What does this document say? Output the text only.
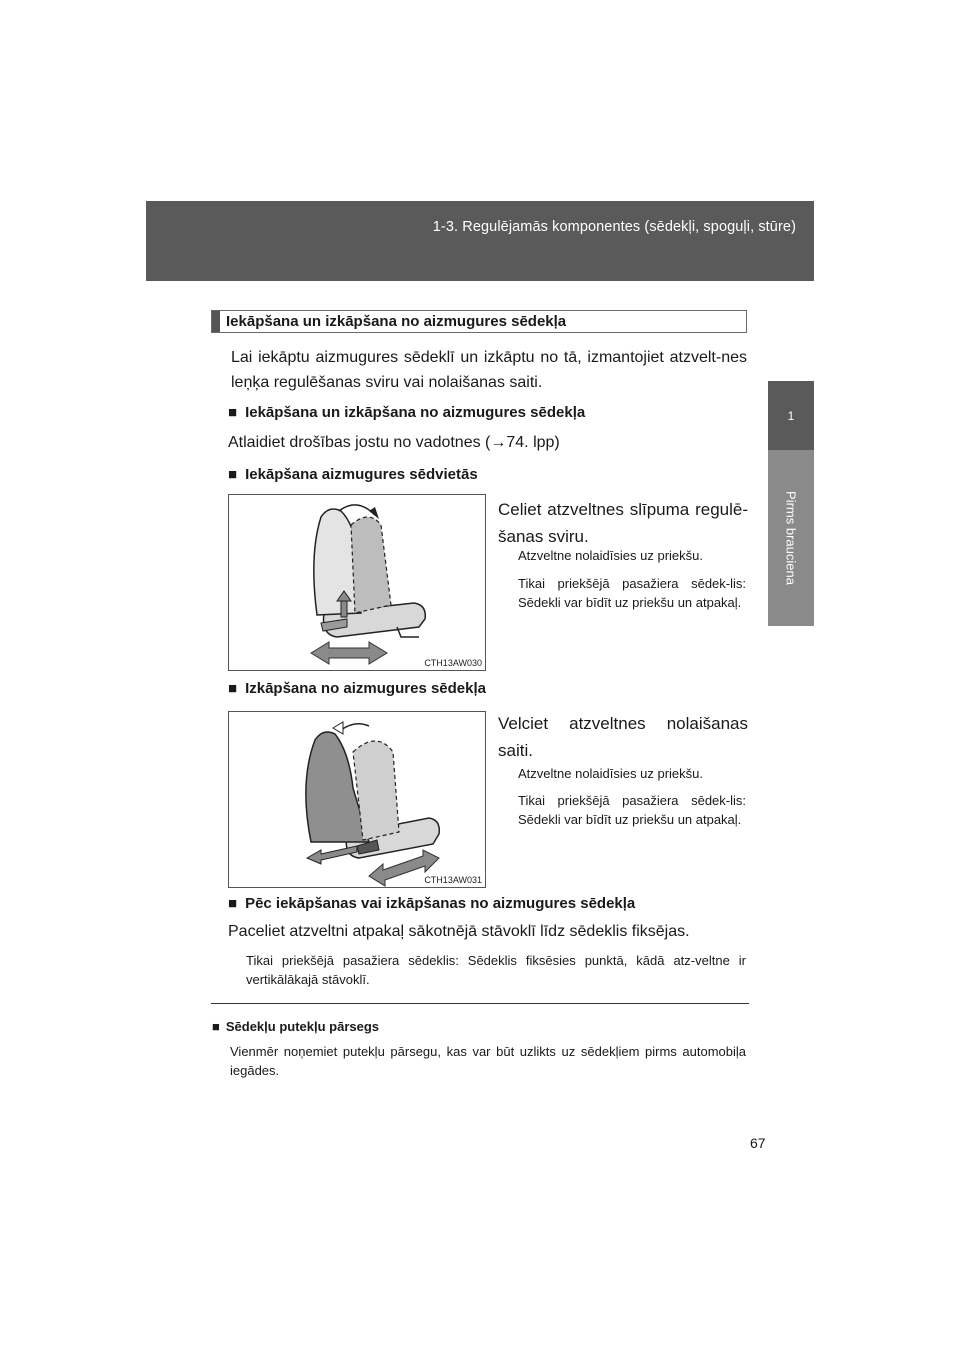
1-3. Regulējamās komponentes (sēdekļi, spoguļi, stūre)
1
Pirms brauciena
Iekāpšana un izkāpšana no aizmugures sēdekļa

Lai iekāptu aizmugures sēdeklī un izkāptu no tā, izmantojiet atzvelt-nes leņķa regulēšanas sviru vai nolaišanas saiti.

■ Iekāpšana un izkāpšana no aizmugures sēdekļa

Atlaidiet drošības jostu no vadotnes (→74. lpp)

■ Iekāpšana aizmugures sēdvietās
CTH13AW030

Celiet atzveltnes slīpuma regulē-šanas sviru.

Atzveltne nolaidīsies uz priekšu.

Tikai priekšējā pasažiera sēdek-lis: Sēdekli var bīdīt uz priekšu un atpakaļ.

■ Izkāpšana no aizmugures sēdekļa
CTH13AW031

Velciet atzveltnes nolaišanas saiti.

Atzveltne nolaidīsies uz priekšu.

Tikai priekšējā pasažiera sēdek-lis: Sēdekli var bīdīt uz priekšu un atpakaļ.

■ Pēc iekāpšanas vai izkāpšanas no aizmugures sēdekļa

Paceliet atzveltni atpakaļ sākotnējā stāvoklī līdz sēdeklis fiksējas.

Tikai priekšējā pasažiera sēdeklis: Sēdeklis fiksēsies punktā, kādā atz-veltne ir vertikālākajā stāvoklī.

■ Sēdekļu putekļu pārsegs

Vienmēr noņemiet putekļu pārsegu, kas var būt uzlikts uz sēdekļiem pirms automobiļa iegādes.

67
